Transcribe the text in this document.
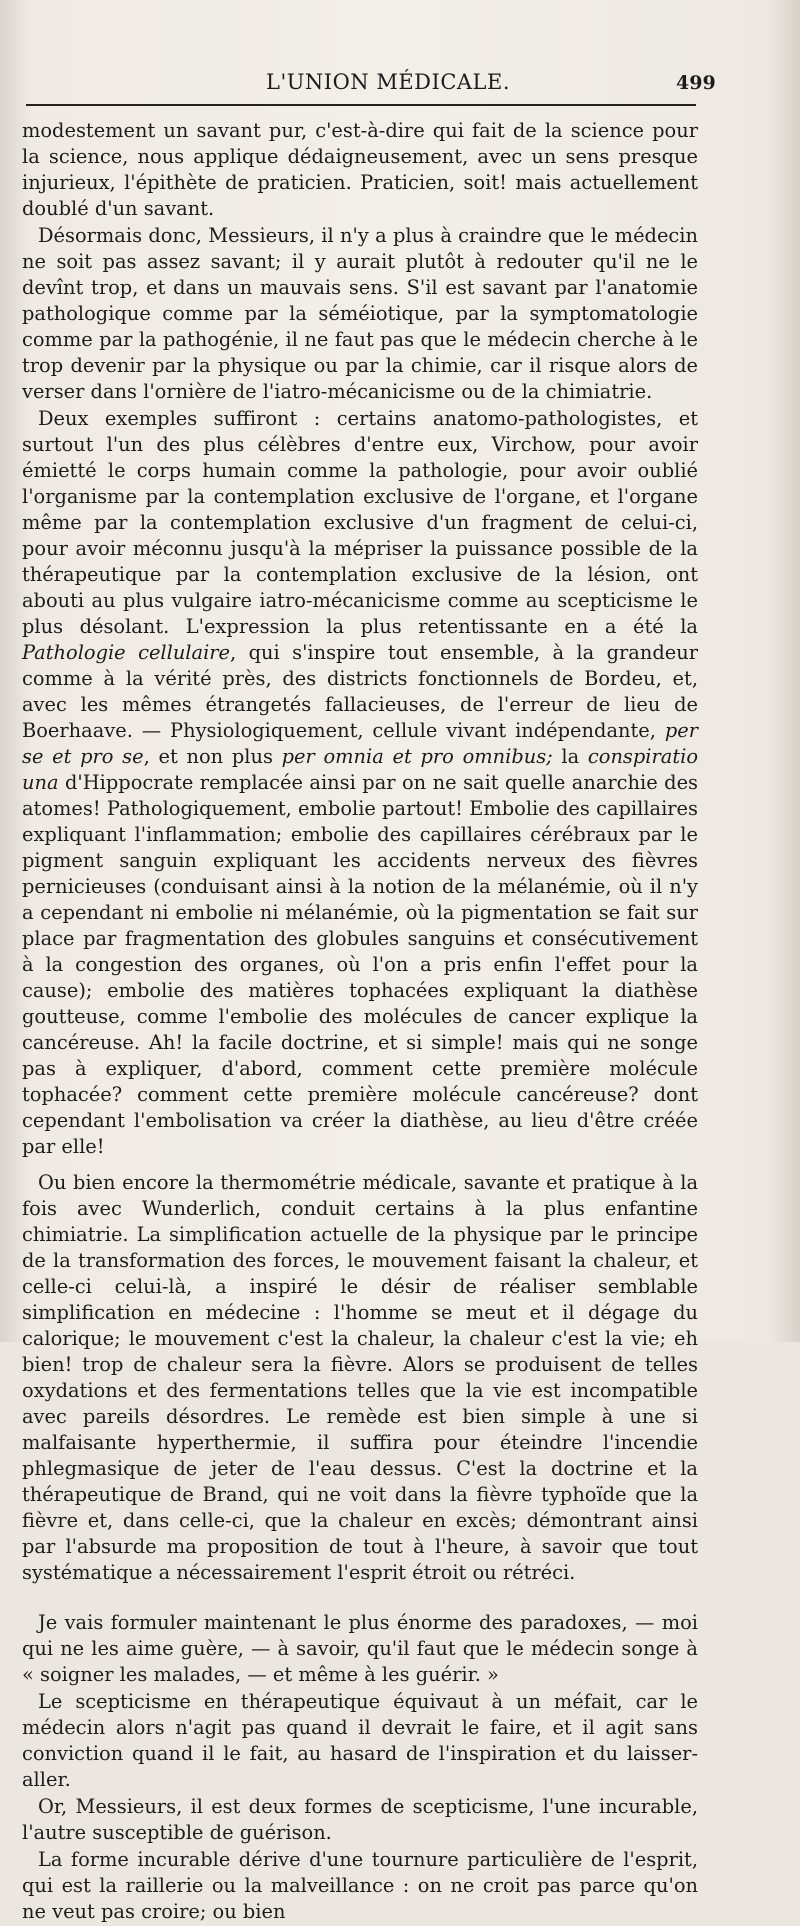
L'UNION MÉDICALE.	499

modestement un savant pur, c'est-à-dire qui fait de la science pour la science, nous applique dédaigneusement, avec un sens presque injurieux, l'épithète de praticien. Praticien, soit! mais actuellement doublé d'un savant.

Désormais donc, Messieurs, il n'y a plus à craindre que le médecin ne soit pas assez savant; il y aurait plutôt à redouter qu'il ne le devînt trop, et dans un mauvais sens. S'il est savant par l'anatomie pathologique comme par la séméiotique, par la symptomatologie comme par la pathogénie, il ne faut pas que le médecin cherche à le trop devenir par la physique ou par la chimie, car il risque alors de verser dans l'ornière de l'iatro-mécanicisme ou de la chimiatrie.

Deux exemples suffiront : certains anatomo-pathologistes, et surtout l'un des plus célèbres d'entre eux, Virchow, pour avoir émietté le corps humain comme la pathologie, pour avoir oublié l'organisme par la contemplation exclusive de l'organe, et l'organe même par la contemplation exclusive d'un fragment de celui-ci, pour avoir méconnu jusqu'à la mépriser la puissance possible de la thérapeutique par la contemplation exclusive de la lésion, ont abouti au plus vulgaire iatro-mécanicisme comme au scepticisme le plus désolant. L'expression la plus retentissante en a été la Pathologie cellulaire, qui s'inspire tout ensemble, à la grandeur comme à la vérité près, des districts fonctionnels de Bordeu, et, avec les mêmes étrangetés fallacieuses, de l'erreur de lieu de Boerhaave. — Physiologiquement, cellule vivant indépendante, per se et pro se, et non plus per omnia et pro omnibus; la conspiratio una d'Hippocrate remplacée ainsi par on ne sait quelle anarchie des atomes! Pathologiquement, embolie partout! Embolie des capillaires expliquant l'inflammation; embolie des capillaires cérébraux par le pigment sanguin expliquant les accidents nerveux des fièvres pernicieuses (conduisant ainsi à la notion de la mélanémie, où il n'y a cependant ni embolie ni mélanémie, où la pigmentation se fait sur place par fragmentation des globules sanguins et consécutivement à la congestion des organes, où l'on a pris enfin l'effet pour la cause); embolie des matières tophacées expliquant la diathèse goutteuse, comme l'embolie des molécules de cancer explique la cancéreuse. Ah! la facile doctrine, et si simple! mais qui ne songe pas à expliquer, d'abord, comment cette première molécule tophacée? comment cette première molécule cancéreuse? dont cependant l'embolisation va créer la diathèse, au lieu d'être créée par elle!

Ou bien encore la thermométrie médicale, savante et pratique à la fois avec Wunderlich, conduit certains à la plus enfantine chimiatrie. La simplification actuelle de la physique par le principe de la transformation des forces, le mouvement faisant la chaleur, et celle-ci celui-là, a inspiré le désir de réaliser semblable simplification en médecine : l'homme se meut et il dégage du calorique; le mouvement c'est la chaleur, la chaleur c'est la vie; eh bien! trop de chaleur sera la fièvre. Alors se produisent de telles oxydations et des fermentations telles que la vie est incompatible avec pareils désordres. Le remède est bien simple à une si malfaisante hyperthermie, il suffira pour éteindre l'incendie phlegmasique de jeter de l'eau dessus. C'est la doctrine et la thérapeutique de Brand, qui ne voit dans la fièvre typhoïde que la fièvre et, dans celle-ci, que la chaleur en excès; démontrant ainsi par l'absurde ma proposition de tout à l'heure, à savoir que tout systématique a nécessairement l'esprit étroit ou rétréci.

Je vais formuler maintenant le plus énorme des paradoxes, — moi qui ne les aime guère, — à savoir, qu'il faut que le médecin songe à « soigner les malades, — et même à les guérir. »

Le scepticisme en thérapeutique équivaut à un méfait, car le médecin alors n'agit pas quand il devrait le faire, et il agit sans conviction quand il le fait, au hasard de l'inspiration et du laisser-aller.

Or, Messieurs, il est deux formes de scepticisme, l'une incurable, l'autre susceptible de guérison.

La forme incurable dérive d'une tournure particulière de l'esprit, qui est la raillerie ou la malveillance : on ne croit pas parce qu'on ne veut pas croire; ou bien
